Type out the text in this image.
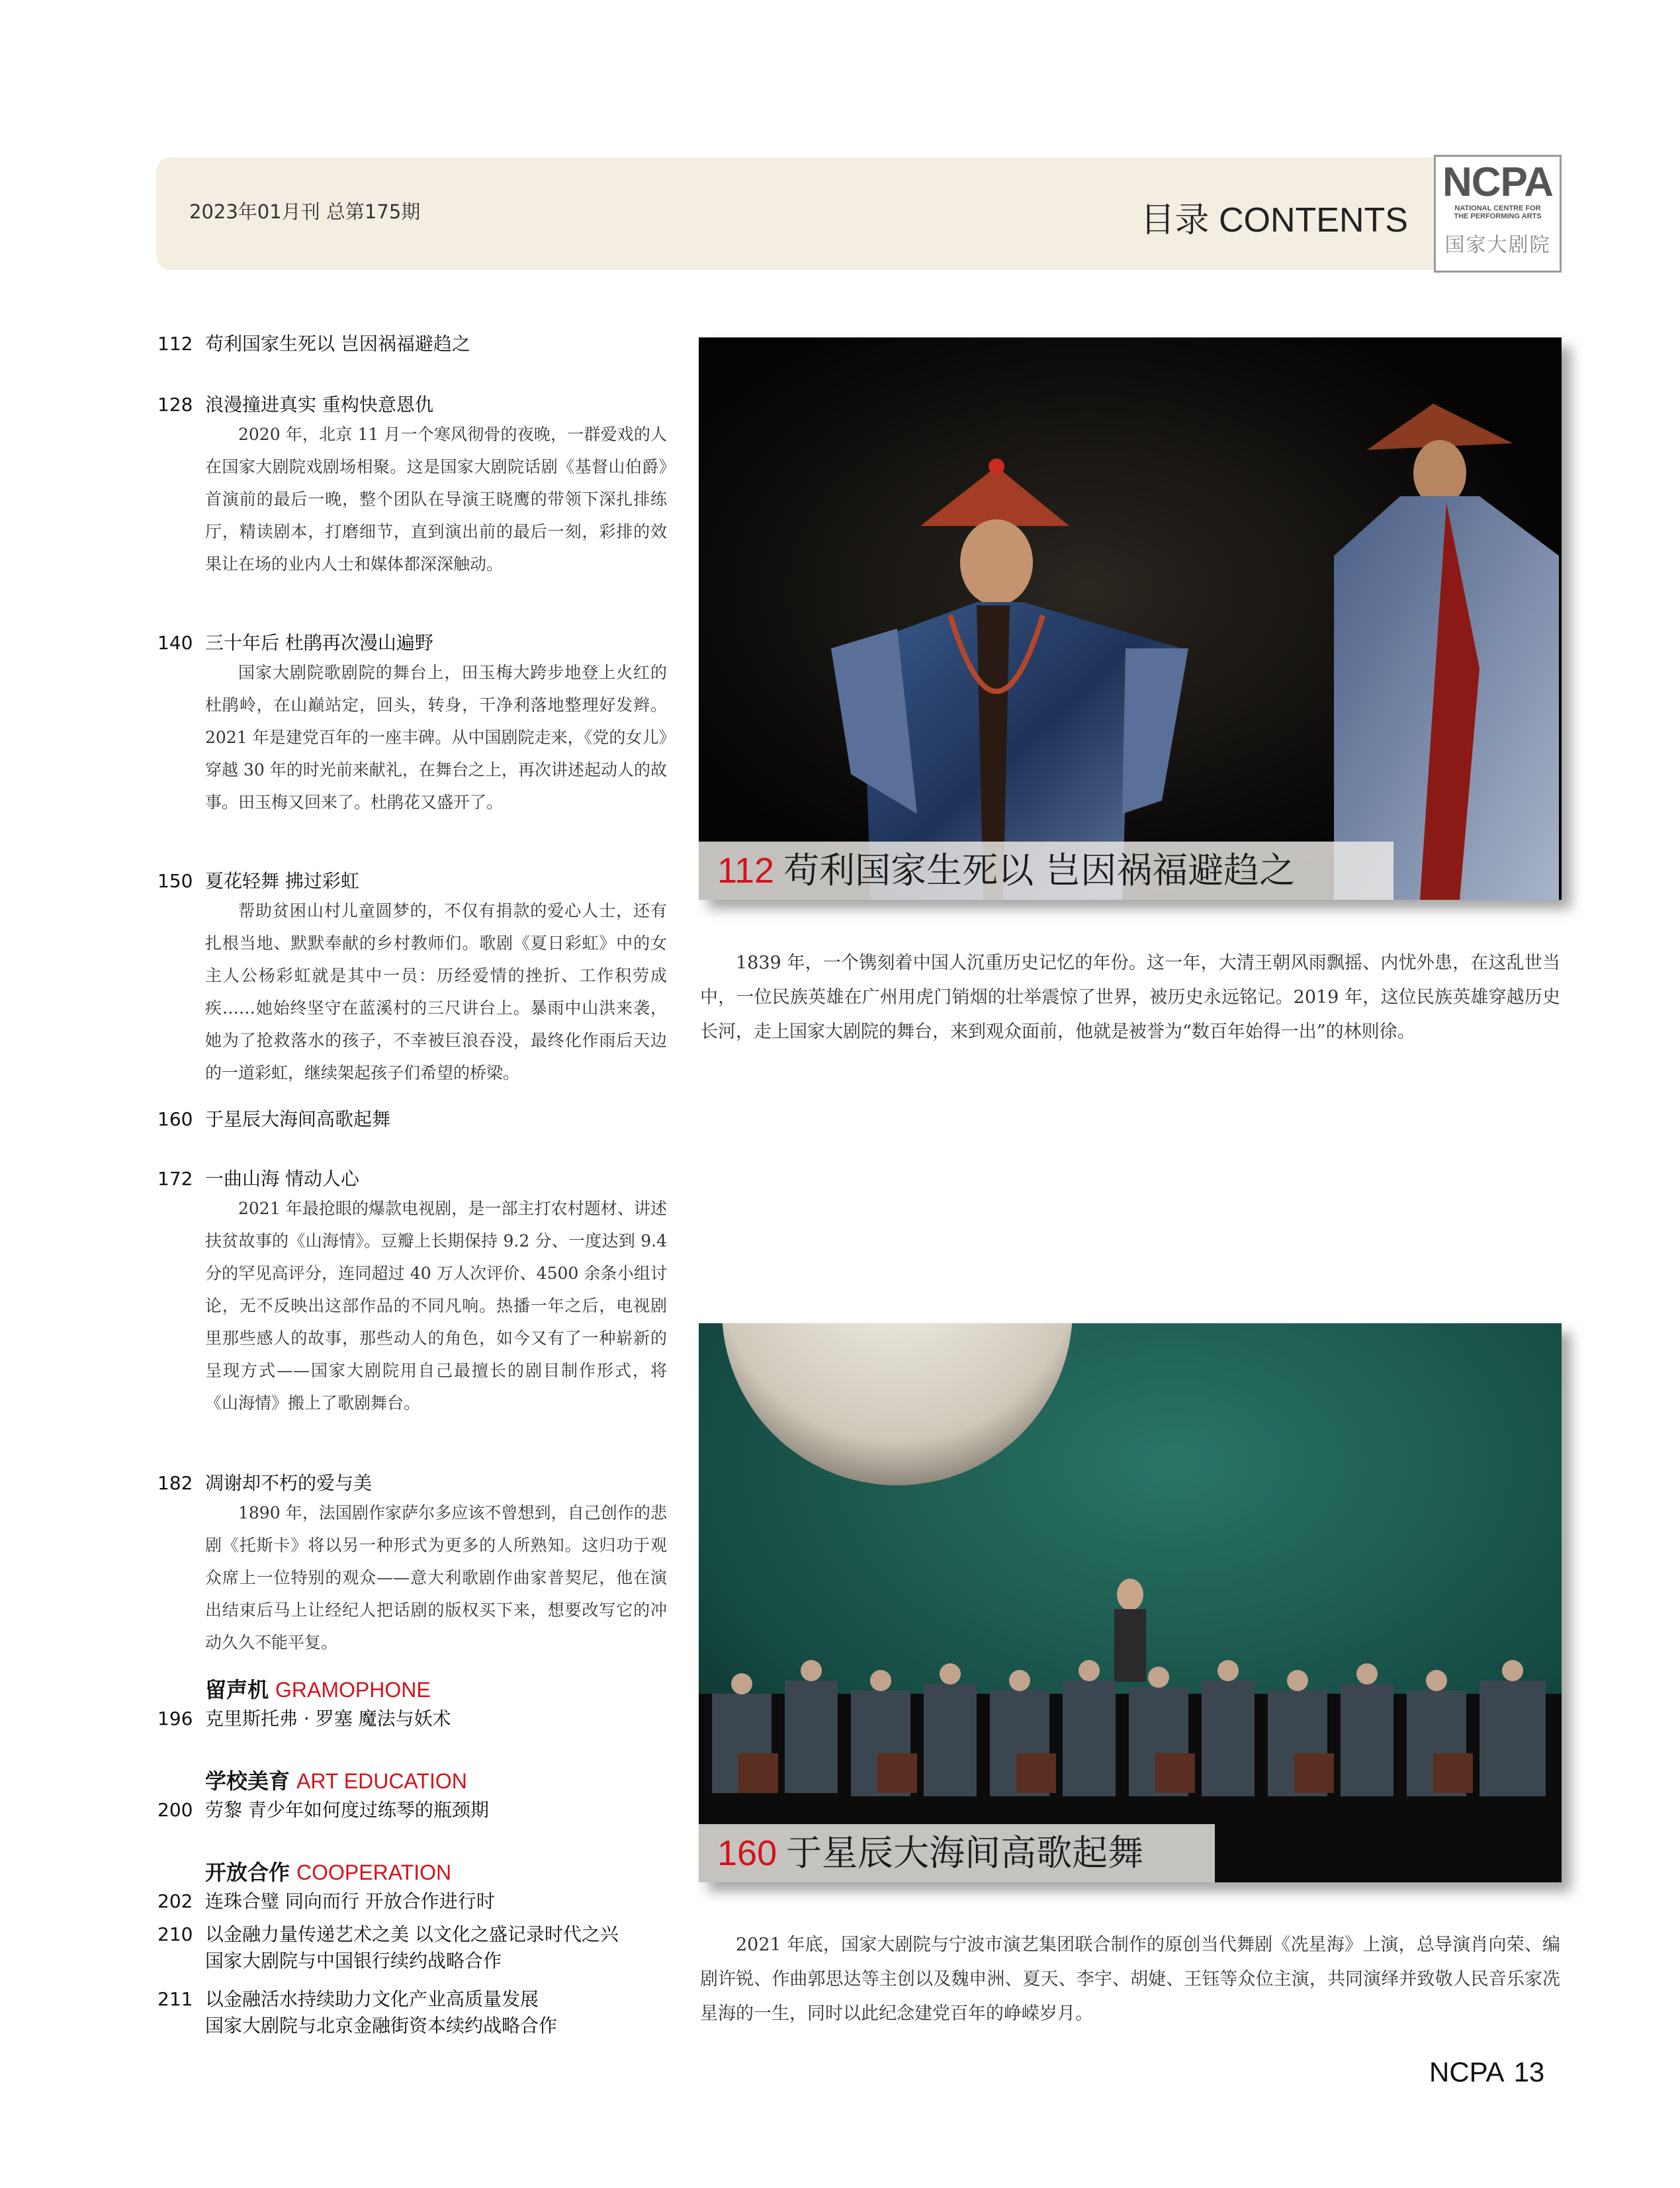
2023年01月刊 总第175期	目录 CONTENTS
NCPA
NATIONAL CENTRE FOR
THE PERFORMING ARTS
国家大剧院
112 苟利国家生死以 岂因祸福避趋之
128 浪漫撞进真实 重构快意恩仇
2020 年，北京 11 月一个寒风彻骨的夜晚，一群爱戏的人在国家大剧院戏剧场相聚。这是国家大剧院话剧《基督山伯爵》首演前的最后一晚，整个团队在导演王晓鹰的带领下深扎排练厅，精读剧本，打磨细节，直到演出前的最后一刻，彩排的效果让在场的业内人士和媒体都深深触动。
140 三十年后 杜鹃再次漫山遍野
国家大剧院歌剧院的舞台上，田玉梅大跨步地登上火红的杜鹃岭，在山巅站定，回头，转身，干净利落地整理好发辫。2021 年是建党百年的一座丰碑。从中国剧院走来，《党的女儿》穿越 30 年的时光前来献礼，在舞台之上，再次讲述起动人的故事。田玉梅又回来了。杜鹃花又盛开了。
150 夏花轻舞 拂过彩虹
帮助贫困山村儿童圆梦的，不仅有捐款的爱心人士，还有扎根当地、默默奉献的乡村教师们。歌剧《夏日彩虹》中的女主人公杨彩虹就是其中一员：历经爱情的挫折、工作积劳成疾……她始终坚守在蓝溪村的三尺讲台上。暴雨中山洪来袭，她为了抢救落水的孩子，不幸被巨浪吞没，最终化作雨后天边的一道彩虹，继续架起孩子们希望的桥梁。
160 于星辰大海间高歌起舞
172 一曲山海 情动人心
2021 年最抢眼的爆款电视剧，是一部主打农村题材、讲述扶贫故事的《山海情》。豆瓣上长期保持 9.2 分、一度达到 9.4 分的罕见高评分，连同超过 40 万人次评价、4500 余条小组讨论，无不反映出这部作品的不同凡响。热播一年之后，电视剧里那些感人的故事，那些动人的角色，如今又有了一种崭新的呈现方式——国家大剧院用自己最擅长的剧目制作形式，将《山海情》搬上了歌剧舞台。
182 凋谢却不朽的爱与美
1890 年，法国剧作家萨尔多应该不曾想到，自己创作的悲剧《托斯卡》将以另一种形式为更多的人所熟知。这归功于观众席上一位特别的观众——意大利歌剧作曲家普契尼，他在演出结束后马上让经纪人把话剧的版权买下来，想要改写它的冲动久久不能平复。
留声机 GRAMOPHONE
196 克里斯托弗 · 罗塞 魔法与妖术
学校美育 ART EDUCATION
200 劳黎 青少年如何度过练琴的瓶颈期
开放合作 COOPERATION
202 连珠合璧 同向而行 开放合作进行时
210 以金融力量传递艺术之美 以文化之盛记录时代之兴
国家大剧院与中国银行续约战略合作
211 以金融活水持续助力文化产业高质量发展
国家大剧院与北京金融街资本续约战略合作
112 苟利国家生死以 岂因祸福避趋之
1839 年，一个镌刻着中国人沉重历史记忆的年份。这一年，大清王朝风雨飘摇、内忧外患，在这乱世当中，一位民族英雄在广州用虎门销烟的壮举震惊了世界，被历史永远铭记。2019 年，这位民族英雄穿越历史长河，走上国家大剧院的舞台，来到观众面前，他就是被誉为“数百年始得一出”的林则徐。
160 于星辰大海间高歌起舞
2021 年底，国家大剧院与宁波市演艺集团联合制作的原创当代舞剧《冼星海》上演，总导演肖向荣、编剧许锐、作曲郭思达等主创以及魏申洲、夏天、李宇、胡婕、王钰等众位主演，共同演绎并致敬人民音乐家冼星海的一生，同时以此纪念建党百年的峥嵘岁月。
NCPA 13
